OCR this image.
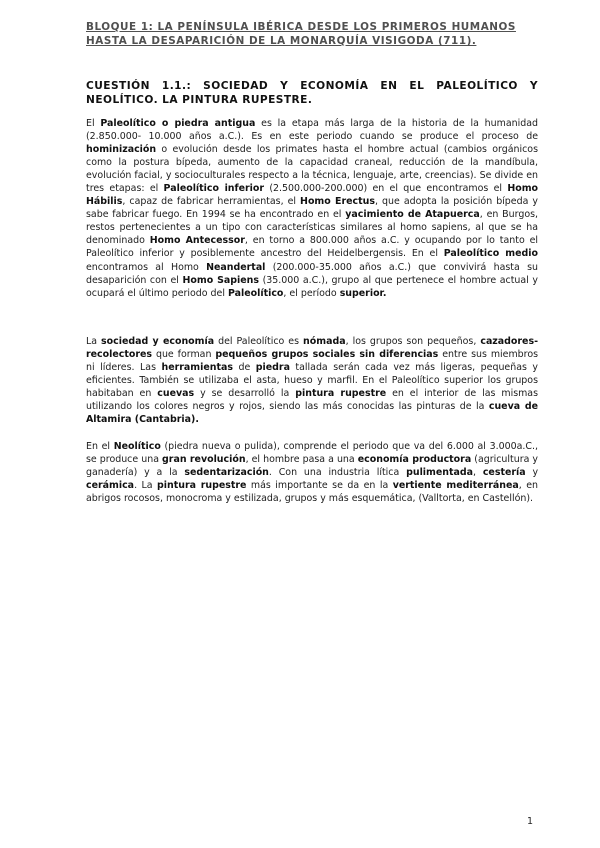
BLOQUE 1: LA PENÍNSULA IBÉRICA DESDE LOS PRIMEROS HUMANOS
HASTA LA DESAPARICIÓN DE LA MONARQUÍA VISIGODA (711).
CUESTIÓN 1.1.: SOCIEDAD Y ECONOMÍA EN EL PALEOLÍTICO Y NEOLÍTICO. LA PINTURA RUPESTRE.
El Paleolítico o piedra antigua es la etapa más larga de la historia de la humanidad (2.850.000- 10.000 años a.C.). Es en este periodo cuando se produce el proceso de hominización o evolución desde los primates hasta el hombre actual (cambios orgánicos como la postura bípeda, aumento de la capacidad craneal, reducción de la mandíbula, evolución facial, y socioculturales respecto a la técnica, lenguaje, arte, creencias). Se divide en tres etapas: el Paleolítico inferior (2.500.000-200.000) en el que encontramos el Homo Hábilis, capaz de fabricar herramientas, el Homo Erectus, que adopta la posición bípeda y sabe fabricar fuego. En 1994 se ha encontrado en el yacimiento de Atapuerca, en Burgos, restos pertenecientes a un tipo con características similares al homo sapiens, al que se ha denominado Homo Antecessor, en torno a 800.000 años a.C. y ocupando por lo tanto el Paleolítico inferior y posiblemente ancestro del Heidelbergensis. En el Paleolítico medio encontramos al Homo Neandertal (200.000-35.000 años a.C.) que convivirá hasta su desaparición con el Homo Sapiens (35.000 a.C.), grupo al que pertenece el hombre actual y ocupará el último periodo del Paleolítico, el período superior.
La sociedad y economía del Paleolítico es nómada, los grupos son pequeños, cazadores-recolectores que forman pequeños grupos sociales sin diferencias entre sus miembros ni líderes. Las herramientas de piedra tallada serán cada vez más ligeras, pequeñas y eficientes. También se utilizaba el asta, hueso y marfil. En el Paleolítico superior los grupos habitaban en cuevas y se desarrolló la pintura rupestre en el interior de las mismas utilizando los colores negros y rojos, siendo las más conocidas las pinturas de la cueva de Altamira (Cantabria).
En el Neolítico (piedra nueva o pulida), comprende el periodo que va del 6.000 al 3.000a.C., se produce una gran revolución, el hombre pasa a una economía productora (agricultura y ganadería) y a la sedentarización. Con una industria lítica pulimentada, cestería y cerámica. La pintura rupestre más importante se da en la vertiente mediterránea, en abrigos rocosos, monocroma y estilizada, grupos y más esquemática, (Valltorta, en Castellón).
1
